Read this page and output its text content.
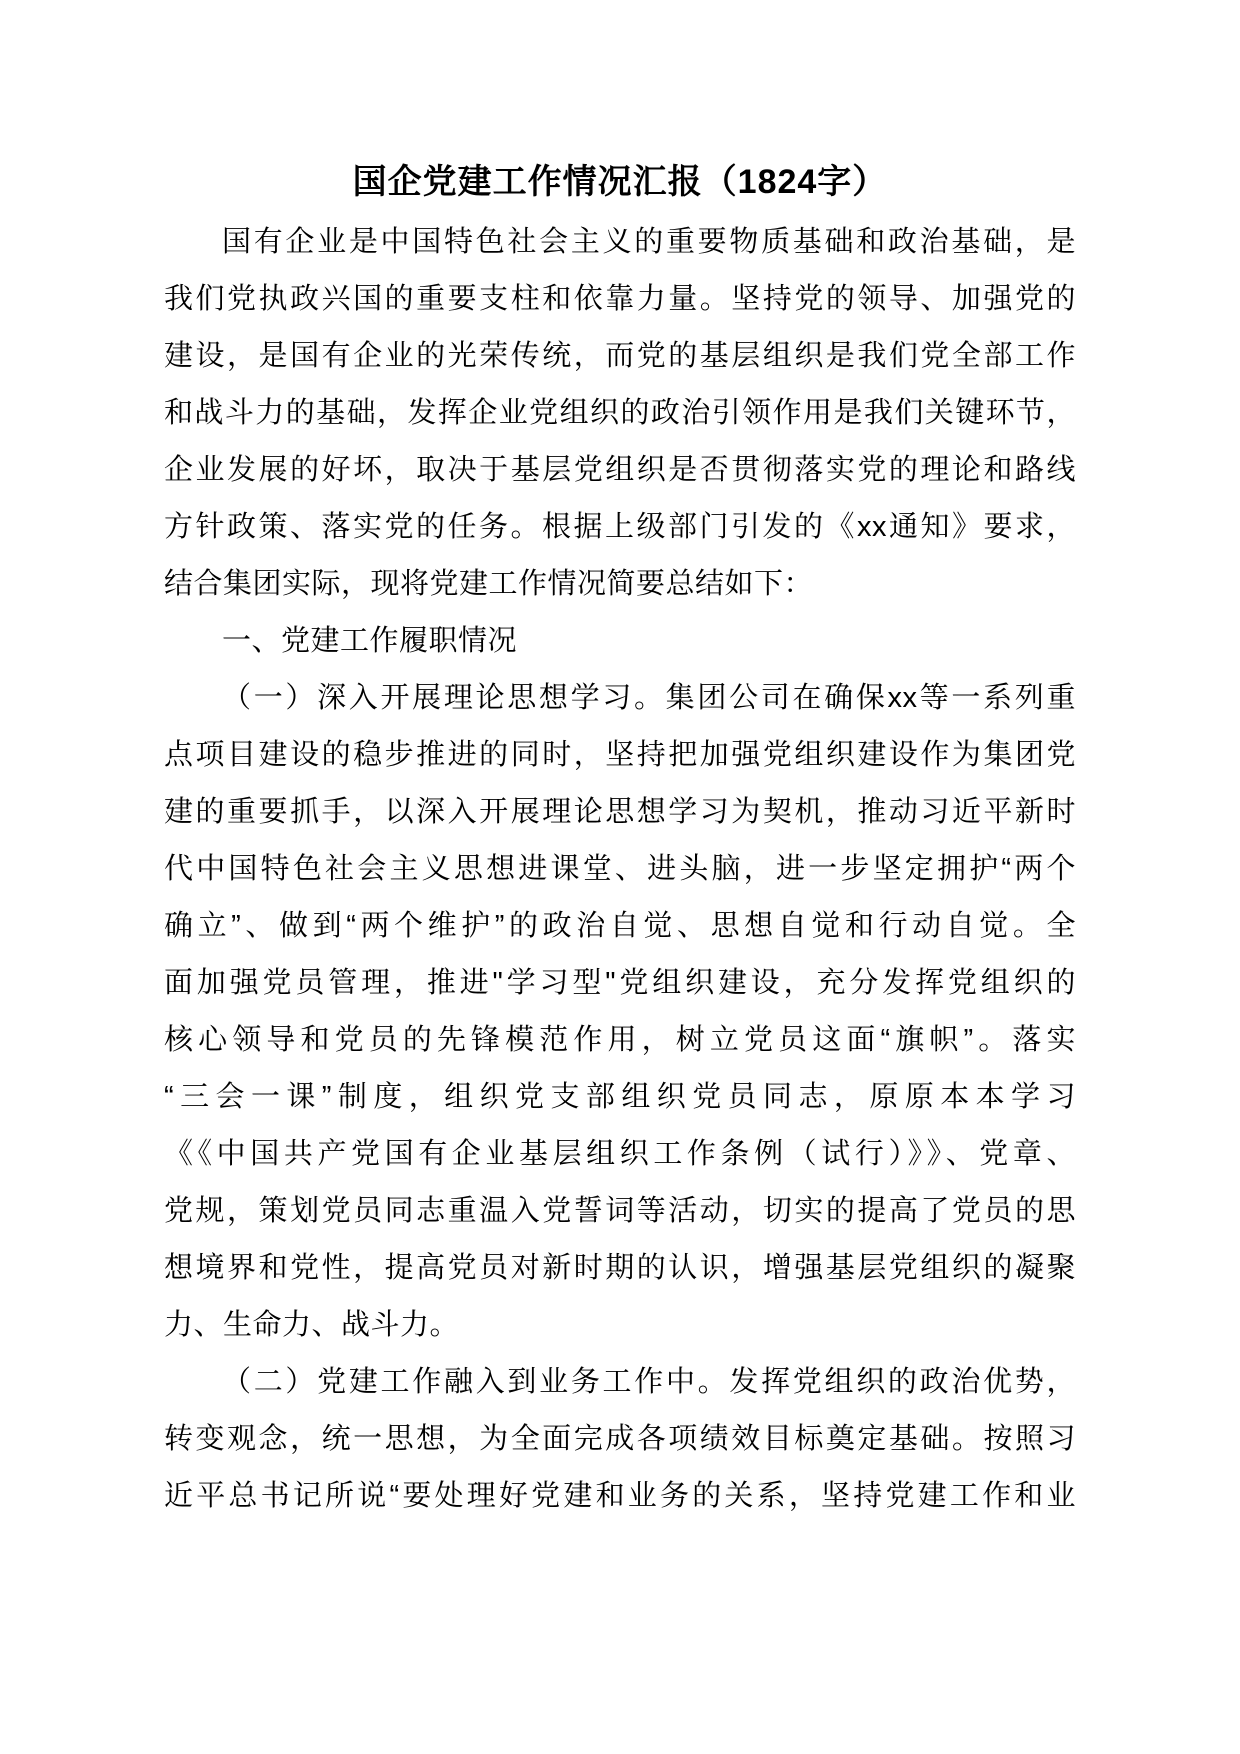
国企党建工作情况汇报（1824字）
国有企业是中国特色社会主义的重要物质基础和政治基础，是
我们党执政兴国的重要支柱和依靠力量。坚持党的领导、加强党的
建设，是国有企业的光荣传统，而党的基层组织是我们党全部工作
和战斗力的基础，发挥企业党组织的政治引领作用是我们关键环节，
企业发展的好坏，取决于基层党组织是否贯彻落实党的理论和路线
方针政策、落实党的任务。根据上级部门引发的《xx通知》要求，
结合集团实际，现将党建工作情况简要总结如下：
一、党建工作履职情况
（一）深入开展理论思想学习。集团公司在确保xx等一系列重
点项目建设的稳步推进的同时，坚持把加强党组织建设作为集团党
建的重要抓手，以深入开展理论思想学习为契机，推动习近平新时
代中国特色社会主义思想进课堂、进头脑，进一步坚定拥护“两个
确立”、做到“两个维护”的政治自觉、思想自觉和行动自觉。全
面加强党员管理，推进"学习型"党组织建设，充分发挥党组织的
核心领导和党员的先锋模范作用，树立党员这面“旗帜”。落实
“三会一课”制度，组织党支部组织党员同志，原原本本学习
《《中国共产党国有企业基层组织工作条例（试行）》》、党章、
党规，策划党员同志重温入党誓词等活动，切实的提高了党员的思
想境界和党性，提高党员对新时期的认识，增强基层党组织的凝聚
力、生命力、战斗力。
（二）党建工作融入到业务工作中。发挥党组织的政治优势，
转变观念，统一思想，为全面完成各项绩效目标奠定基础。按照习
近平总书记所说“要处理好党建和业务的关系，坚持党建工作和业
